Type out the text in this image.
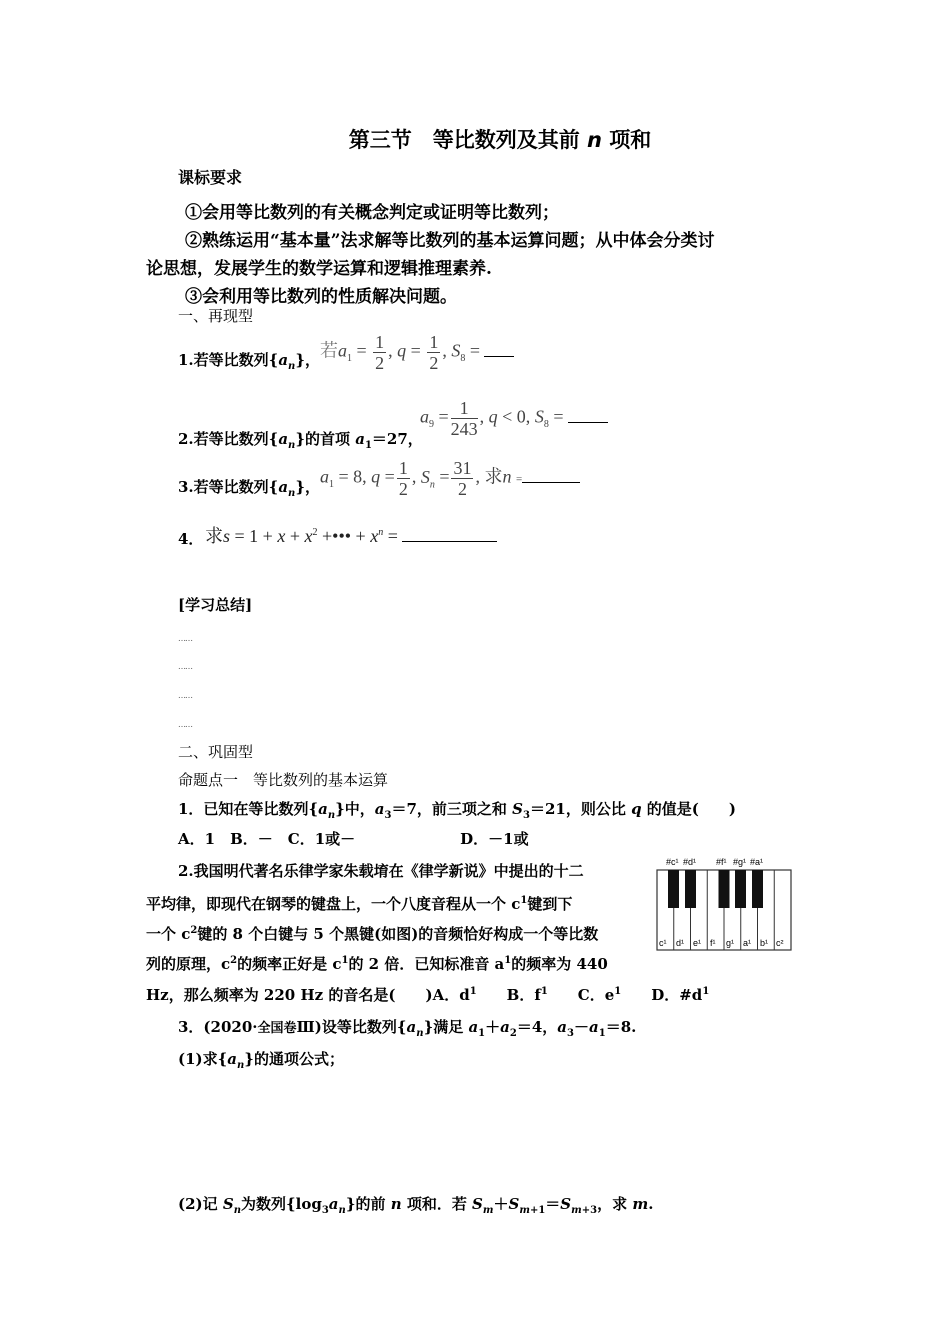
第三节　等比数列及其前 n 项和
课标要求
①会用等比数列的有关概念判定或证明等比数列；
②熟练运用“基本量”法求解等比数列的基本运算问题；从中体会分类讨
论思想，发展学生的数学运算和逻辑推理素养.
③会利用等比数列的性质解决问题。
一、再现型
1.若等比数列$\{a_n\}$， 若$a_1 = \frac{1}{2}$ , $q = \frac{1}{2}$ , $S_8$ =
$a_9 = \frac{1}{243}$ , q < 0, $S_8$ =
2.若等比数列$\{a_n\}$的首项 $a_1=27$，
3.若等比数列$\{a_n\}$，
$a_1 = 8$, $q = \frac{1}{2}$ , $S_n = \frac{31}{2}$ , 求n =
4． 求$s = 1 + x + x^2$ +••• + $x^n$ =
[学习总结]
……
……
……
……
二、巩固型
命题点一　等比数列的基本运算
1．已知在等比数列$\{a_n\}$中，$a_3=7$，前三项之和 $S_3=21$，则公比 q 的值是(　　)
A．1　B．－　C．1或－　　　　　　　D．－1或
2.我国明代著名乐律学家朱载堉在《律学新说》中提出的十二
平均律，即现代在钢琴的键盘上，一个八度音程从一个 $c^1$键到下
一个 $c^2$键的 8 个白键与 5 个黑键(如图)的音频恰好构成一个等比数
列的原理，$c^2$的频率正好是 $c^1$的 2 倍．已知标准音 $a^1$的频率为 440
Hz，那么频率为 220 Hz 的音名是(　　)A．$d^1$　　B．$f^1$　　C．$e^1$　　D．$\#d^1$
#c¹ #d¹ #f¹ #g¹ #a¹
c¹ d¹ e¹ f¹ g¹ a¹ b¹ c²
3．(2020·全国卷Ⅲ)设等比数列$\{a_n\}$满足 $a_1+a_2=4$，$a_3-a_1=8$.
(1)求$\{a_n\}$的通项公式；
(2)记 $S_n$为数列$\{\log_3a_n\}$的前 n 项和．若 $S_m+S_{m+1}=S_{m+3}$，求 m.
